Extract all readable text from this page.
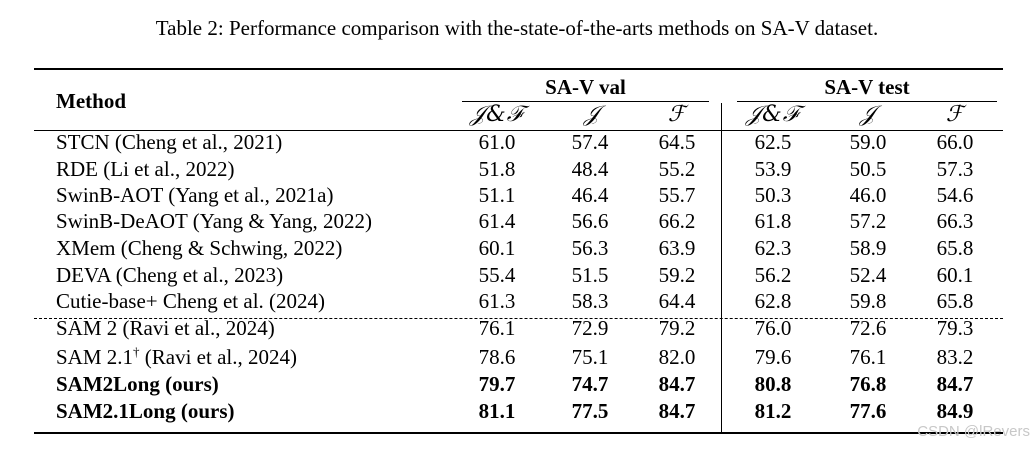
Table 2: Performance comparison with the-state-of-the-arts methods on SA-V dataset.
Method
SA-V val	SA-V test
𝒥&ℱ	𝒥	ℱ	𝒥&ℱ	𝒥	ℱ
STCN (Cheng et al., 2021)	61.0	57.4	64.5	62.5	59.0	66.0
RDE (Li et al., 2022)	51.8	48.4	55.2	53.9	50.5	57.3
SwinB-AOT (Yang et al., 2021a)	51.1	46.4	55.7	50.3	46.0	54.6
SwinB-DeAOT (Yang & Yang, 2022)	61.4	56.6	66.2	61.8	57.2	66.3
XMem (Cheng & Schwing, 2022)	60.1	56.3	63.9	62.3	58.9	65.8
DEVA (Cheng et al., 2023)	55.4	51.5	59.2	56.2	52.4	60.1
Cutie-base+ Cheng et al. (2024)	61.3	58.3	64.4	62.8	59.8	65.8
SAM 2 (Ravi et al., 2024)	76.1	72.9	79.2	76.0	72.6	79.3
SAM 2.1† (Ravi et al., 2024)	78.6	75.1	82.0	79.6	76.1	83.2
SAM2Long (ours)	79.7	74.7	84.7	80.8	76.8	84.7
SAM2.1Long (ours)	81.1	77.5	84.7	81.2	77.6	84.9
CSDN @lRevers
